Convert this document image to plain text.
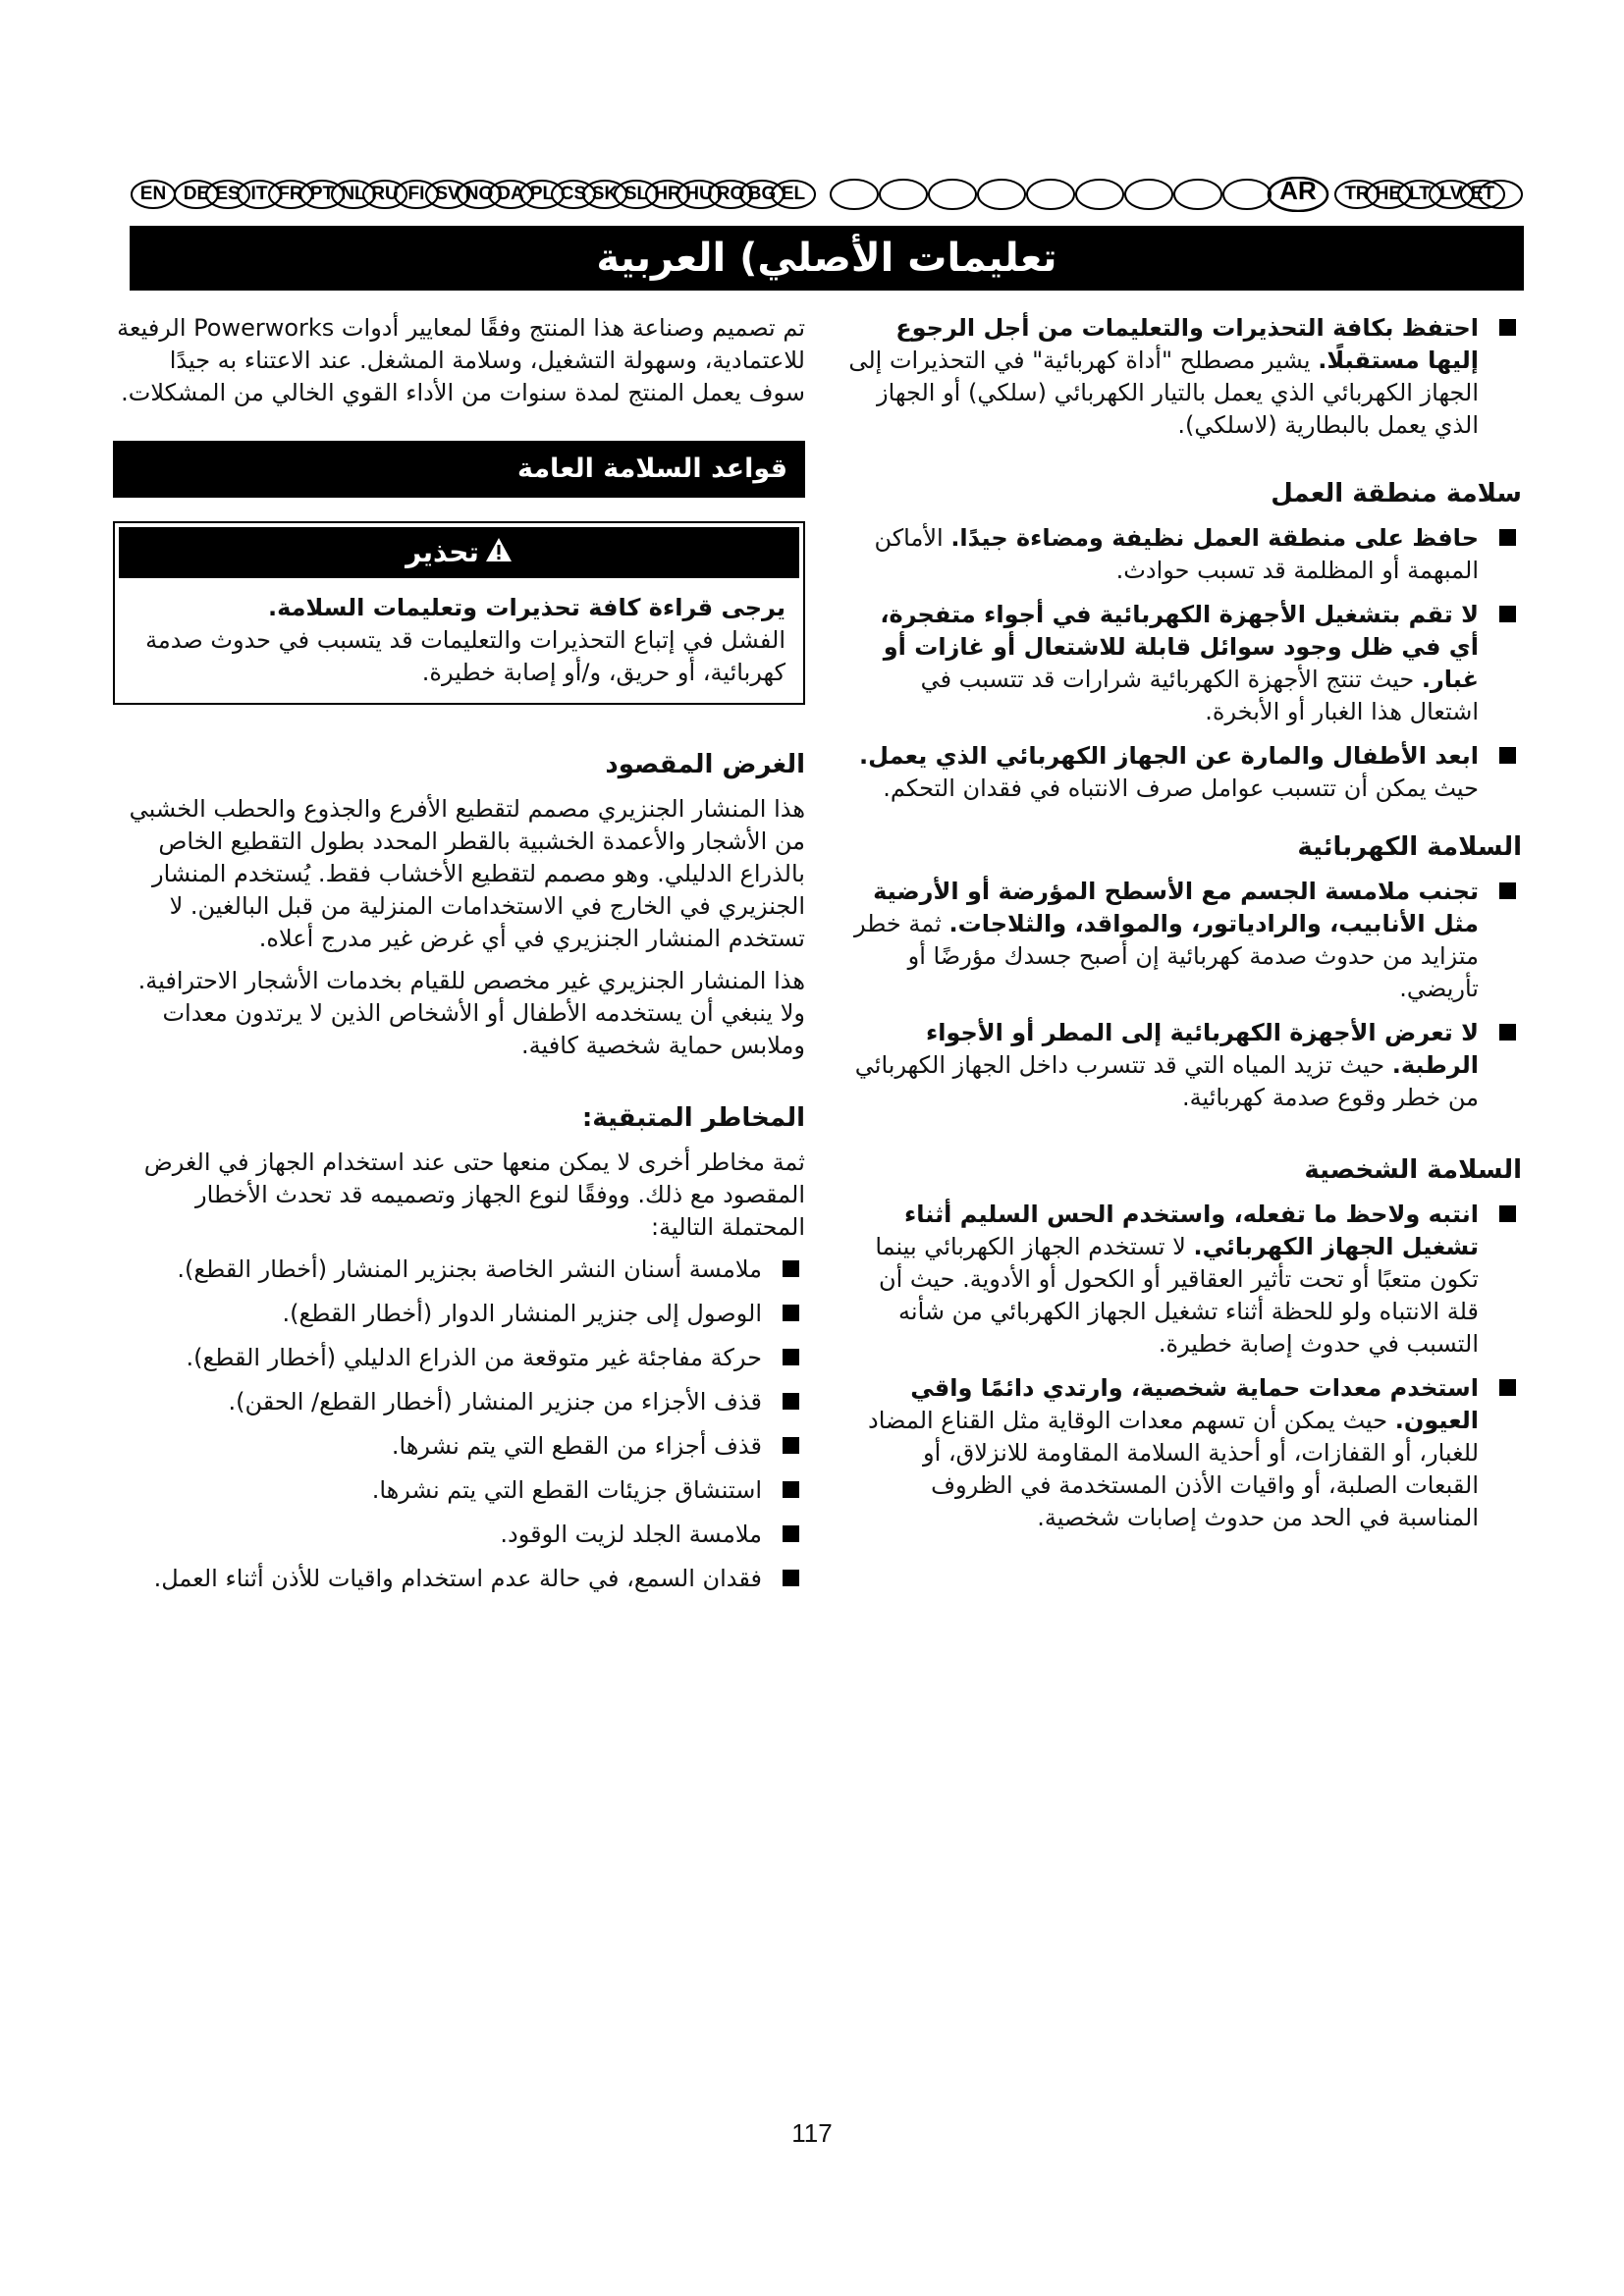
EN DE ES IT FR PT NL RU FI SV NO DA PL CS SK SL HR HU RO BG EL	AR TR HE LT LV ET
تعليمات الأصلي) العربية

تم تصميم وصناعة هذا المنتج وفقًا لمعايير أدوات Powerworks الرفيعة للاعتمادية، وسهولة التشغيل، وسلامة المشغل. عند الاعتناء به جيدًا سوف يعمل المنتج لمدة سنوات من الأداء القوي الخالي من المشكلات.

قواعد السلامة العامة
تحذير
يرجى قراءة كافة تحذيرات وتعليمات السلامة.
الفشل في إتباع التحذيرات والتعليمات قد يتسبب في حدوث صدمة كهربائية، أو حريق، و/أو إصابة خطيرة.
الغرض المقصود

هذا المنشار الجنزيري مصمم لتقطيع الأفرع والجذوع والحطب الخشبي من الأشجار والأعمدة الخشبية بالقطر المحدد بطول التقطيع الخاص بالذراع الدليلي. وهو مصمم لتقطيع الأخشاب فقط. يُستخدم المنشار الجنزيري في الخارج في الاستخدامات المنزلية من قبل البالغين. لا تستخدم المنشار الجنزيري في أي غرض غير مدرج أعلاه.

هذا المنشار الجنزيري غير مخصص للقيام بخدمات الأشجار الاحترافية. ولا ينبغي أن يستخدمه الأطفال أو الأشخاص الذين لا يرتدون معدات وملابس حماية شخصية كافية.

المخاطر المتبقية:

ثمة مخاطر أخرى لا يمكن منعها حتى عند استخدام الجهاز في الغرض المقصود مع ذلك. ووفقًا لنوع الجهاز وتصميمه قد تحدث الأخطار المحتملة التالية:

ملامسة أسنان النشر الخاصة بجنزير المنشار (أخطار القطع).
الوصول إلى جنزير المنشار الدوار (أخطار القطع).
حركة مفاجئة غير متوقعة من الذراع الدليلي (أخطار القطع).
قذف الأجزاء من جنزير المنشار (أخطار القطع/ الحقن).
قذف أجزاء من القطع التي يتم نشرها.
استنشاق جزيئات القطع التي يتم نشرها.
ملامسة الجلد لزيت الوقود.
فقدان السمع، في حالة عدم استخدام واقيات للأذن أثناء العمل.
احتفظ بكافة التحذيرات والتعليمات من أجل الرجوع إليها مستقبلًا. يشير مصطلح "أداة كهربائية" في التحذيرات إلى الجهاز الكهربائي الذي يعمل بالتيار الكهربائي (سلكي) أو الجهاز الذي يعمل بالبطارية (لاسلكي).
سلامة منطقة العمل
حافظ على منطقة العمل نظيفة ومضاءة جيدًا. الأماكن المبهمة أو المظلمة قد تسبب حوادث.
لا تقم بتشغيل الأجهزة الكهربائية في أجواء متفجرة، أي في ظل وجود سوائل قابلة للاشتعال أو غازات أو غبار. حيث تنتج الأجهزة الكهربائية شرارات قد تتسبب في اشتعال هذا الغبار أو الأبخرة.
ابعد الأطفال والمارة عن الجهاز الكهربائي الذي يعمل. حيث يمكن أن تتسبب عوامل صرف الانتباه في فقدان التحكم.
السلامة الكهربائية
تجنب ملامسة الجسم مع الأسطح المؤرضة أو الأرضية مثل الأنابيب، والرادياتور، والمواقد، والثلاجات. ثمة خطر متزايد من حدوث صدمة كهربائية إن أصبح جسدك مؤرضًا أو تأريضي.
لا تعرض الأجهزة الكهربائية إلى المطر أو الأجواء الرطبة. حيث تزيد المياه التي قد تتسرب داخل الجهاز الكهربائي من خطر وقوع صدمة كهربائية.
السلامة الشخصية
انتبه ولاحظ ما تفعله، واستخدم الحس السليم أثناء تشغيل الجهاز الكهربائي. لا تستخدم الجهاز الكهربائي بينما تكون متعبًا أو تحت تأثير العقاقير أو الكحول أو الأدوية. حيث أن قلة الانتباه ولو للحظة أثناء تشغيل الجهاز الكهربائي من شأنه التسبب في حدوث إصابة خطيرة.
استخدم معدات حماية شخصية، وارتدي دائمًا واقي العيون. حيث يمكن أن تسهم معدات الوقاية مثل القناع المضاد للغبار، أو القفازات، أو أحذية السلامة المقاومة للانزلاق، أو القبعات الصلبة، أو واقيات الأذن المستخدمة في الظروف المناسبة في الحد من حدوث إصابات شخصية.
117
